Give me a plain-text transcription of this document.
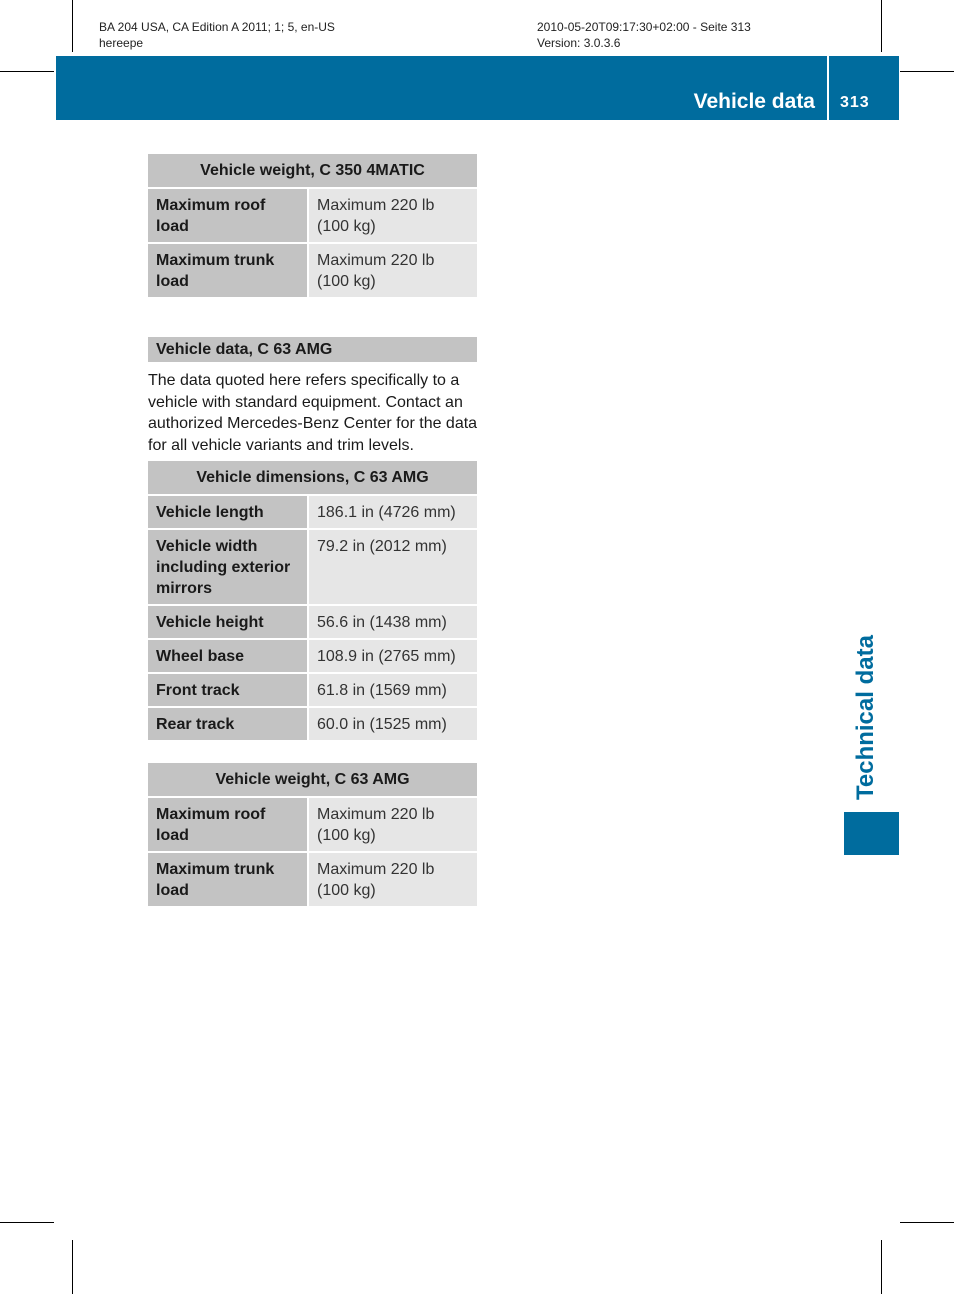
BA 204 USA, CA Edition A 2011; 1; 5, en-US
hereepe
2010-05-20T09:17:30+02:00 - Seite 313
Version: 3.0.3.6
Vehicle data 313
Technical data
Vehicle weight, C 350 4MATIC	
Maximum roof load	Maximum 220 lb (100 kg)
Maximum trunk load	Maximum 220 lb (100 kg)
Vehicle data, C 63 AMG
The data quoted here refers specifically to a vehicle with standard equipment. Contact an authorized Mercedes-Benz Center for the data for all vehicle variants and trim levels.
Vehicle dimensions, C 63 AMG	
Vehicle length	186.1 in (4726 mm)
Vehicle width including exterior mirrors	79.2 in (2012 mm)
Vehicle height	56.6 in (1438 mm)
Wheel base	108.9 in (2765 mm)
Front track	61.8 in (1569 mm)
Rear track	60.0 in (1525 mm)
Vehicle weight, C 63 AMG	
Maximum roof load	Maximum 220 lb (100 kg)
Maximum trunk load	Maximum 220 lb (100 kg)
